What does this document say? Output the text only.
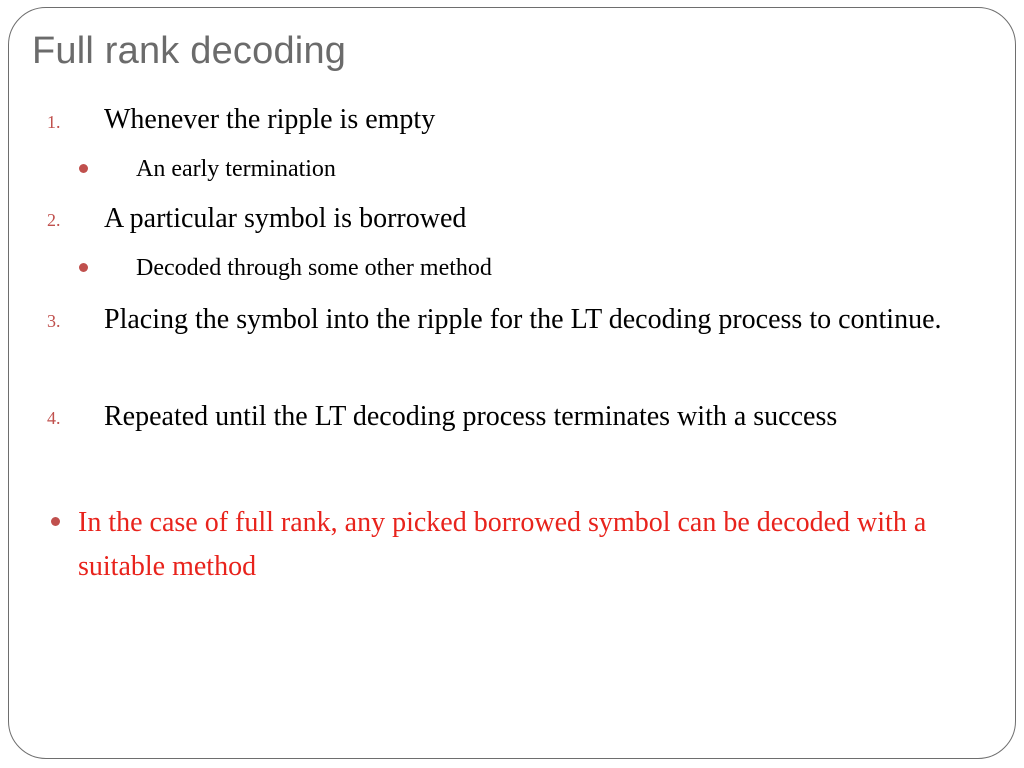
Full rank decoding
1. Whenever the ripple is empty
An early termination
2. A particular symbol is borrowed
Decoded through some other method
3. Placing the symbol into the ripple for the LT decoding process to continue.
4. Repeated until the LT decoding process terminates with a success
In the case of full rank, any picked borrowed symbol can be decoded with a suitable method
